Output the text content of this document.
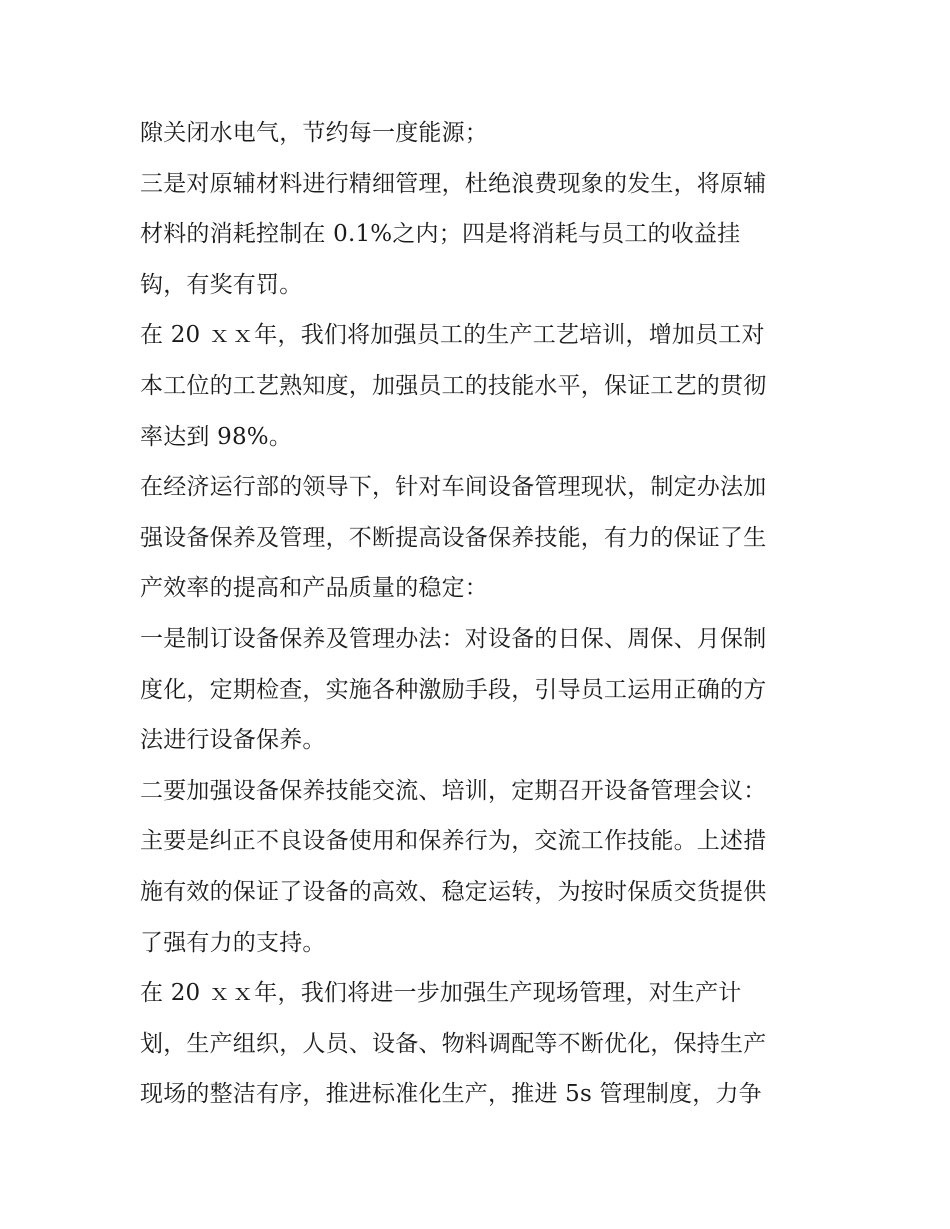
隙关闭水电气，节约每一度能源；
三是对原辅材料进行精细管理，杜绝浪费现象的发生，将原辅
材料的消耗控制在 0.1%之内；四是将消耗与员工的收益挂
钩，有奖有罚。
在 20 ｘｘ年，我们将加强员工的生产工艺培训，增加员工对
本工位的工艺熟知度，加强员工的技能水平，保证工艺的贯彻
率达到 98%。
在经济运行部的领导下，针对车间设备管理现状，制定办法加
强设备保养及管理，不断提高设备保养技能，有力的保证了生
产效率的提高和产品质量的稳定：
一是制订设备保养及管理办法：对设备的日保、周保、月保制
度化，定期检查，实施各种激励手段，引导员工运用正确的方
法进行设备保养。
二要加强设备保养技能交流、培训，定期召开设备管理会议：
主要是纠正不良设备使用和保养行为，交流工作技能。上述措
施有效的保证了设备的高效、稳定运转，为按时保质交货提供
了强有力的支持。
在 20 ｘｘ年，我们将进一步加强生产现场管理，对生产计
划，生产组织，人员、设备、物料调配等不断优化，保持生产
现场的整洁有序，推进标准化生产，推进 5s 管理制度，力争
